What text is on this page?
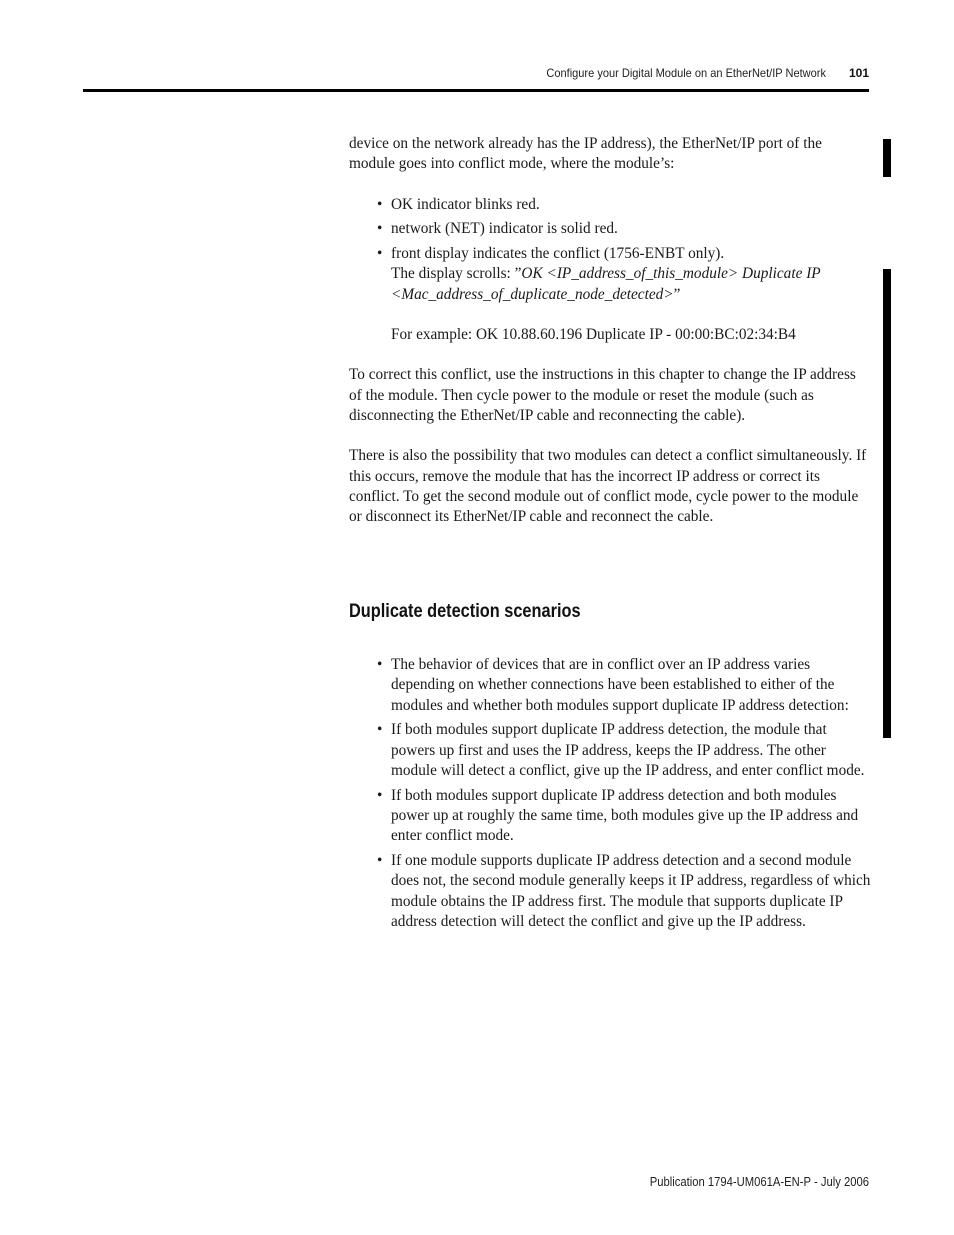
Configure your Digital Module on an EtherNet/IP Network 101

device on the network already has the IP address), the EtherNet/IP port of the module goes into conflict mode, where the module’s:

• OK indicator blinks red.
• network (NET) indicator is solid red.
• front display indicates the conflict (1756-ENBT only).
The display scrolls: ”OK <IP_address_of_this_module> Duplicate IP <Mac_address_of_duplicate_node_detected>”
For example: OK 10.88.60.196 Duplicate IP - 00:00:BC:02:34:B4

To correct this conflict, use the instructions in this chapter to change the IP address of the module. Then cycle power to the module or reset the module (such as disconnecting the EtherNet/IP cable and reconnecting the cable).

There is also the possibility that two modules can detect a conflict simultaneously. If this occurs, remove the module that has the incorrect IP address or correct its conflict. To get the second module out of conflict mode, cycle power to the module or disconnect its EtherNet/IP cable and reconnect the cable.

Duplicate detection scenarios
• The behavior of devices that are in conflict over an IP address varies depending on whether connections have been established to either of the modules and whether both modules support duplicate IP address detection:
• If both modules support duplicate IP address detection, the module that powers up first and uses the IP address, keeps the IP address. The other module will detect a conflict, give up the IP address, and enter conflict mode.
• If both modules support duplicate IP address detection and both modules power up at roughly the same time, both modules give up the IP address and enter conflict mode.
• If one module supports duplicate IP address detection and a second module does not, the second module generally keeps it IP address, regardless of which module obtains the IP address first. The module that supports duplicate IP address detection will detect the conflict and give up the IP address.
Publication 1794-UM061A-EN-P - July 2006
